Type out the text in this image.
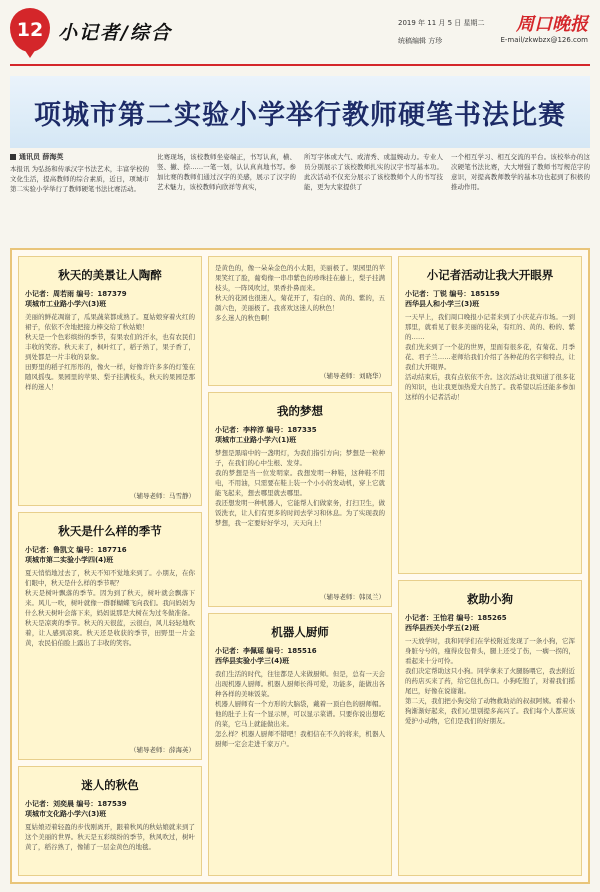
12 小记者/综合	2019 年 11 月 5 日 星期二 周口晚报
统稿编辑 方珍	E-mail/zkwbzx@126.com
项城市第二实验小学举行教师硬笔书法比赛
通讯员 薛海英

本报讯 为弘扬和传承汉字书法艺术，丰富学校的文化生活，提高教师的综合素质，近日，项城市第二实验小学举行了教师硬笔书法比赛活动。

比赛现场，该校教师坐姿端正，书写认真，横、竖、撇、捺……一笔一划，认认真真地书写。参加比赛的教师们通过汉字的美感，展示了汉字的艺术魅力，该校教师向欣祥等真实，

所写字体或大气、或清秀、或温婉动力。专业人员分别展示了该校教师扎实的汉字书写基本功。此次活动不仅充分展示了该校教师个人的书写技能，更为大家提供了

一个相互学习、相互交流的平台。该校举办的这次硬笔书法比赛，大大增强了教师书写规范字的意识，对提高教师教学的基本功也起到了积极的推动作用。

秋天的美景让人陶醉
小记者：周若雨 编号：187379
项城市工业路小学六(3)班

美丽的鲜花凋谢了，瓜果蔬菜都成熟了。夏姑娘穿着火红的裙子，依依不舍地把接力棒交给了秋姑娘！

秋天是一个色彩缤纷的季节，有果农们的汗水，也有农民们丰收的笑容。秋天来了，枫叶红了，稻子熟了，果子香了，到处都是一片丰收的景象。

田野里的稻子红彤彤的，像火一样，好像许许多多的灯笼在随风摇曳。果园里的苹果、梨子挂满枝头，秋天的果园是那样的迷人！

（辅导老师：马雪静）
秋天是什么样的季节
小记者：鲁凯文 编号：187716
项城市第二实验小学四(4)班

夏天悄悄地过去了，秋天不知不觉地来到了。小朋友，在你们眼中，秋天是什么样的季节呢？

秋天是树叶飘落的季节。因为到了秋天，树叶就会飘落下来。风儿一吹，树叶就像一群群蝴蝶飞向我们。我问妈妈为什么秋天树叶会落下来，妈妈说那是大树在为过冬做准备。

秋天是凉爽的季节。秋天的天很蓝，云很白，风儿轻轻地吹着，让人感到凉爽。秋天还是收获的季节，田野里一片金黄，农民伯伯脸上露出了丰收的笑容。

（辅导老师：薛海英）
迷人的秋色
小记者：刘奕晨 编号：187539
项城市文化路小学六(3)班

夏姑娘迈着轻盈的步伐刚离开，跟着秋风的秋姑娘就来到了这个美丽的世界。秋天是五彩缤纷的季节，秋风吹过，树叶黄了，稻谷熟了，像铺了一层金黄色的地毯。

是黄色的，像一朵朵金色的小太阳，美丽极了。果园里的苹果笑红了脸，葡萄像一串串紫色的珍珠挂在藤上，梨子挂满枝头，一阵风吹过，果香扑鼻而来。

秋天的花园也很迷人，菊花开了，有白的、黄的、紫的，五颜六色，美丽极了。我喜欢这迷人的秋色！

多么迷人的秋色啊！

（辅导老师：刘晓华）
我的梦想
小记者：李梓淳 编号：187335
项城市工业路小学六(1)班

梦想是黑暗中的一盏明灯，为我们指引方向；梦想是一粒种子，在我们的心中生根、发芽。

我的梦想是当一位发明家。我想发明一种鞋，这种鞋不用电，不用油，只需要在鞋上装一个小小的发动机，穿上它就能飞起来，想去哪里就去哪里。

我还想发明一种机器人，它能帮人们做家务，打扫卫生，做饭洗衣，让人们有更多的时间去学习和休息。为了实现我的梦想，我一定要好好学习，天天向上！

（辅导老师：韩凤兰）
机器人厨师
小记者：李佩瑶 编号：185516
西华县实验小学三(4)班

我们生活的时代，往往都是人来做厨师。但是，总有一天会出现机器人厨师。机器人厨师长得可爱，功能多，能做出各种各样的美味饭菜。

机器人厨师有一个方形的大脑袋，戴着一顶白色的厨师帽。他的肚子上有一个显示屏，可以显示菜谱。只要你说出想吃的菜，它马上就能做出来。

怎么样？机器人厨师不错吧！我相信在不久的将来，机器人厨师一定会走进千家万户。

小记者活动让我大开眼界
小记者：丁锐 编号：185159
西华县人和小学三(3)班

一天早上，我们周口晚报小记者来到了小庆花卉市场。一到那里，就看见了很多美丽的花朵，有红的、黄的、粉的、紫的……

我们先来到了一个花的世界，里面有很多花，有菊花、月季花、君子兰……老师给我们介绍了各种花的名字和特点，让我们大开眼界。

活动结束后，我有点依依不舍。这次活动让我知道了很多花的知识，也让我更加热爱大自然了。我希望以后还能多参加这样的小记者活动！

救助小狗
小记者：王怡君 编号：185265
西华县西关小学五(2)班

一天放学时，我和同学们在学校附近发现了一条小狗，它浑身脏兮兮的，瘦得皮包骨头，腿上还受了伤，一瘸一拐的，看起来十分可怜。

我们决定帮助这只小狗。同学拿来了火腿肠喂它，我去附近的药店买来了药，给它包扎伤口。小狗吃饱了，对着我们摇尾巴，好像在说谢谢。

第二天，我们把小狗交给了动物救助站的叔叔阿姨。看着小狗渐渐好起来，我们心里别提多高兴了。我们每个人都应该爱护小动物，它们是我们的好朋友。
